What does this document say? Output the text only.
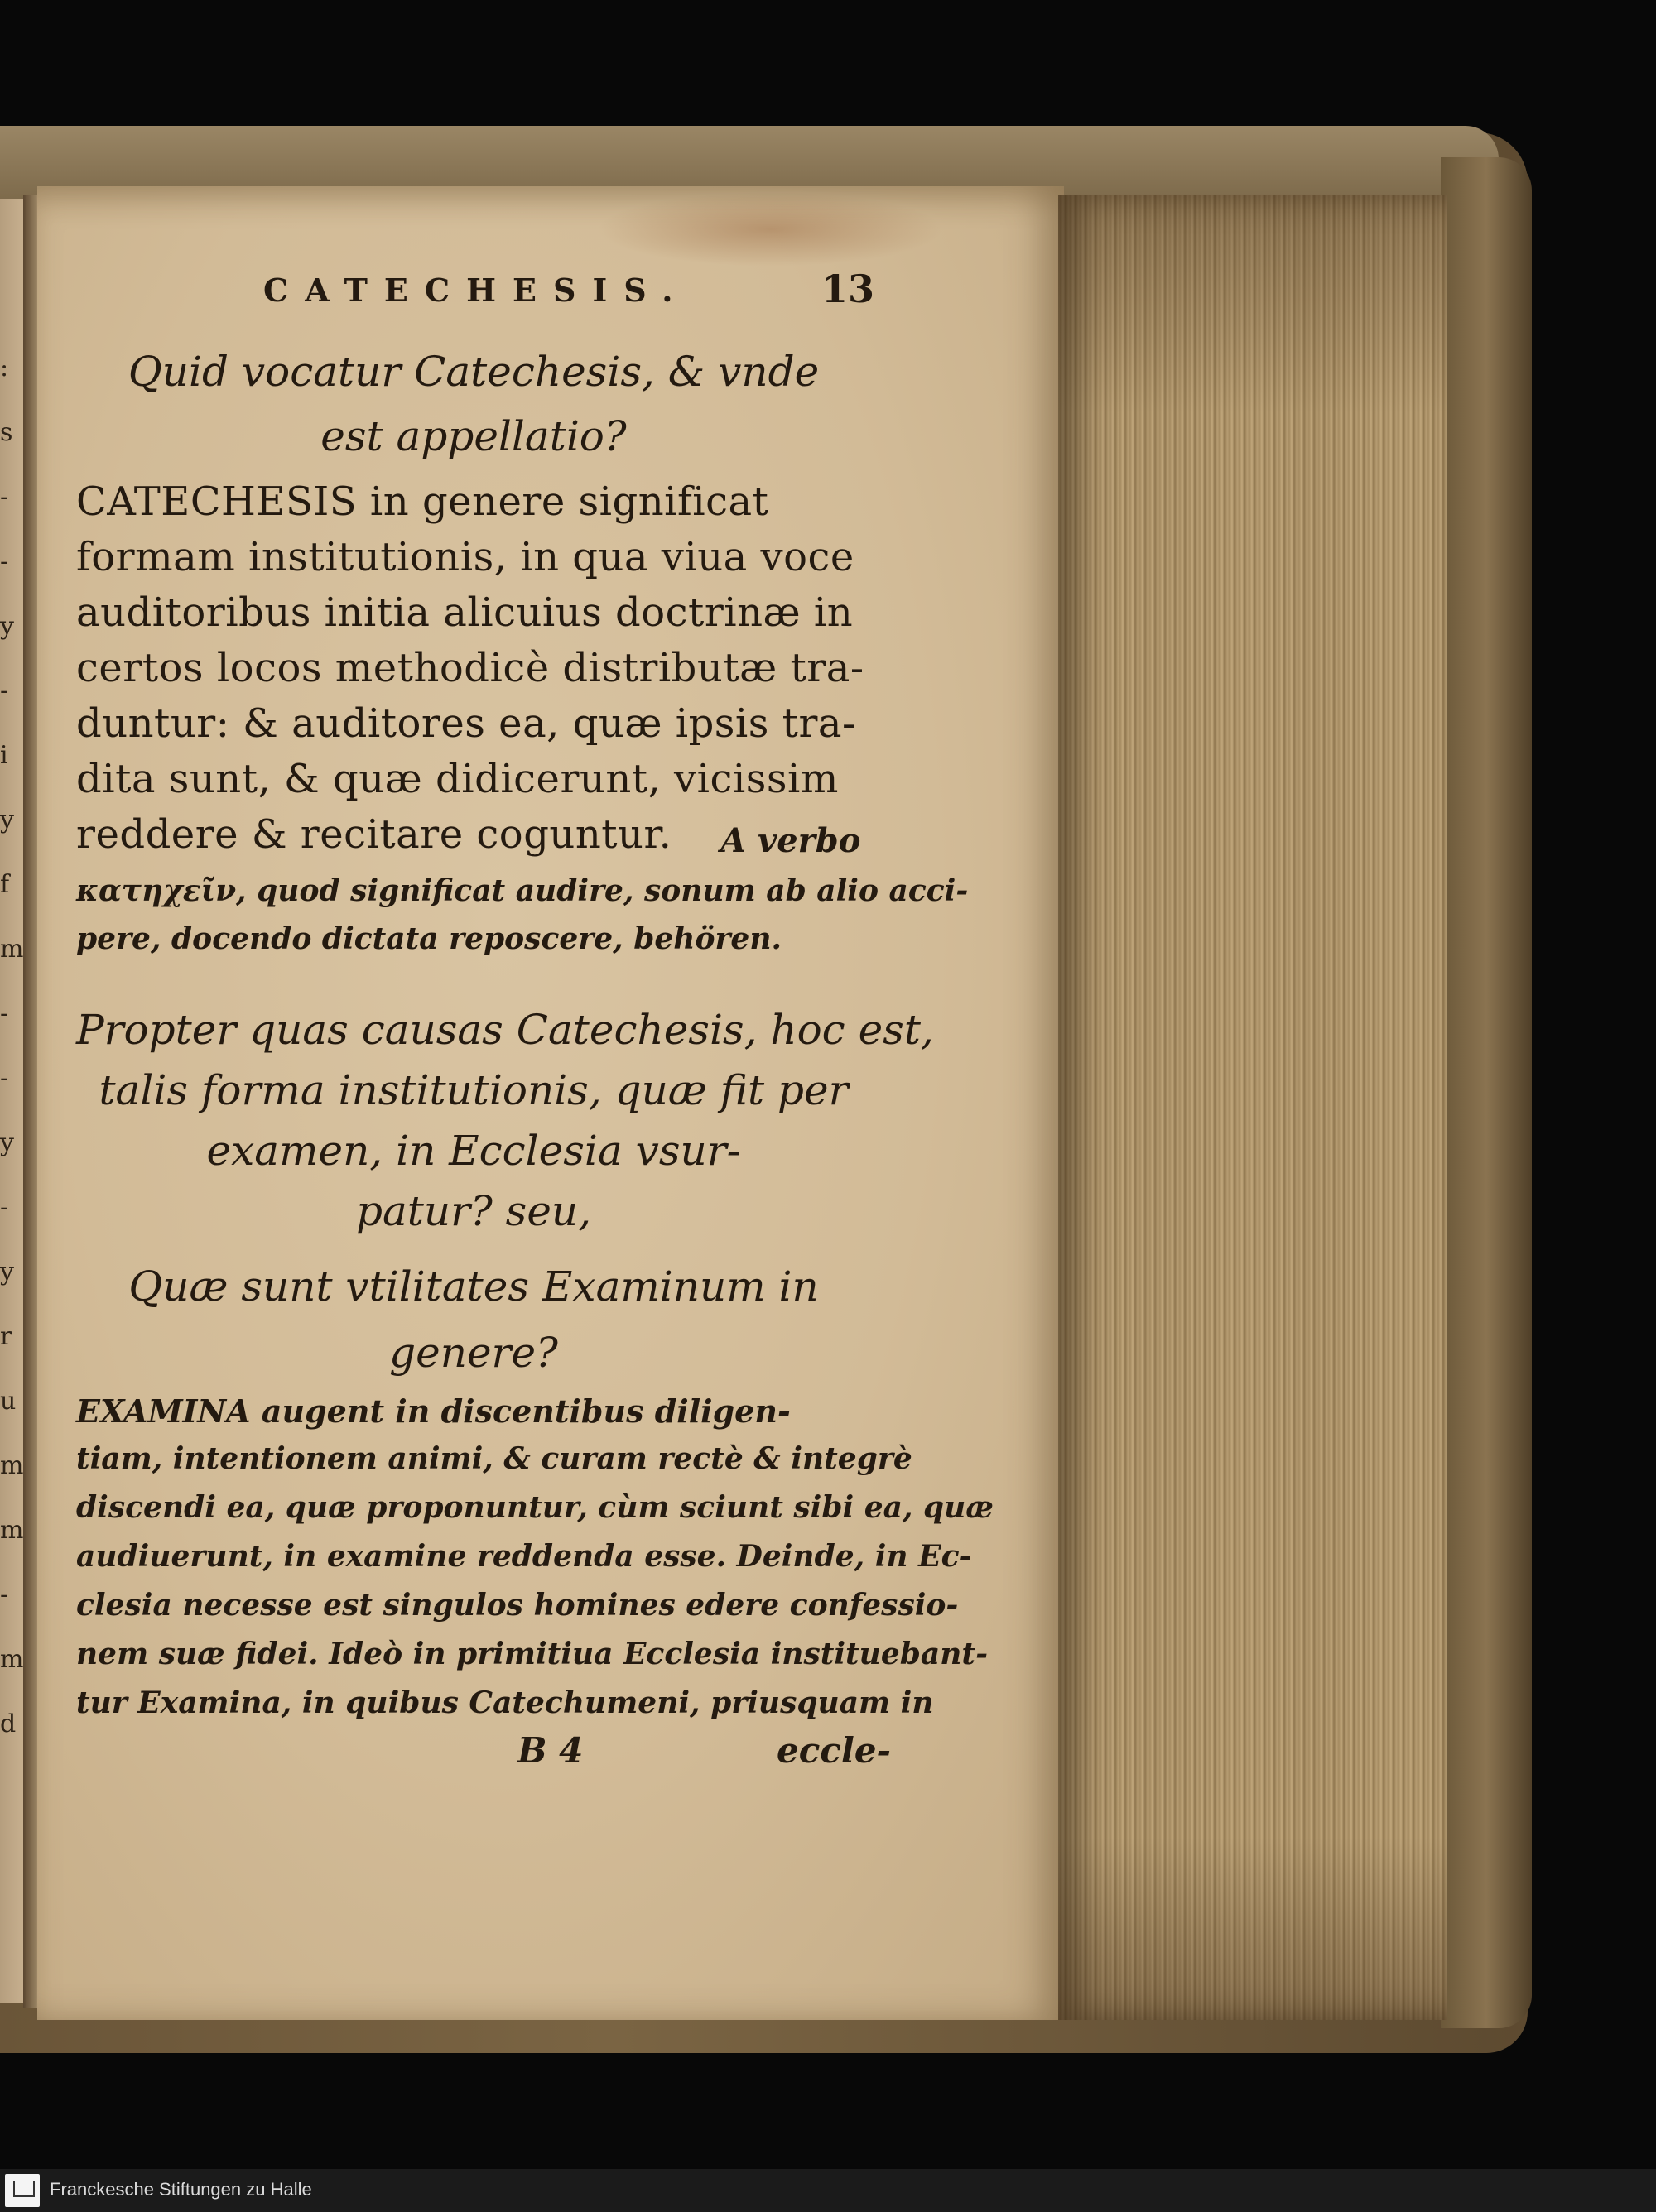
:
s
-
-
y
-
i
y
f
m
-
-
y
-
y
r
u
m
m
-
m
d
CATECHESIS.	13
Quid vocatur Catechesis, & vnde
est appellatio?
CATECHESIS in genere significat
formam institutionis, in qua viua voce
auditoribus initia alicuius doctrinæ in
certos locos methodicè distributæ tra-
duntur: & auditores ea, quæ ipsis tra-
dita sunt, & quæ didicerunt, vicissim
reddere & recitare coguntur. A verbo
κατηχεῖν, quod significat audire, sonum ab alio acci-
pere, docendo dictata reposcere, behören.
Propter quas causas Catechesis, hoc est,
talis forma institutionis, quæ fit per
examen, in Ecclesia vsur-
patur? seu,
Quæ sunt vtilitates Examinum in
genere?
EXAMINA augent in discentibus diligen-
tiam, intentionem animi, & curam rectè & integrè
discendi ea, quæ proponuntur, cùm sciunt sibi ea, quæ
audiuerunt, in examine reddenda esse. Deinde, in Ec-
clesia necesse est singulos homines edere confessio-
nem suæ fidei. Ideò in primitiua Ecclesia instituebant-
tur Examina, in quibus Catechumeni, priusquam in
B 4	eccle-
Franckesche Stiftungen zu Halle
